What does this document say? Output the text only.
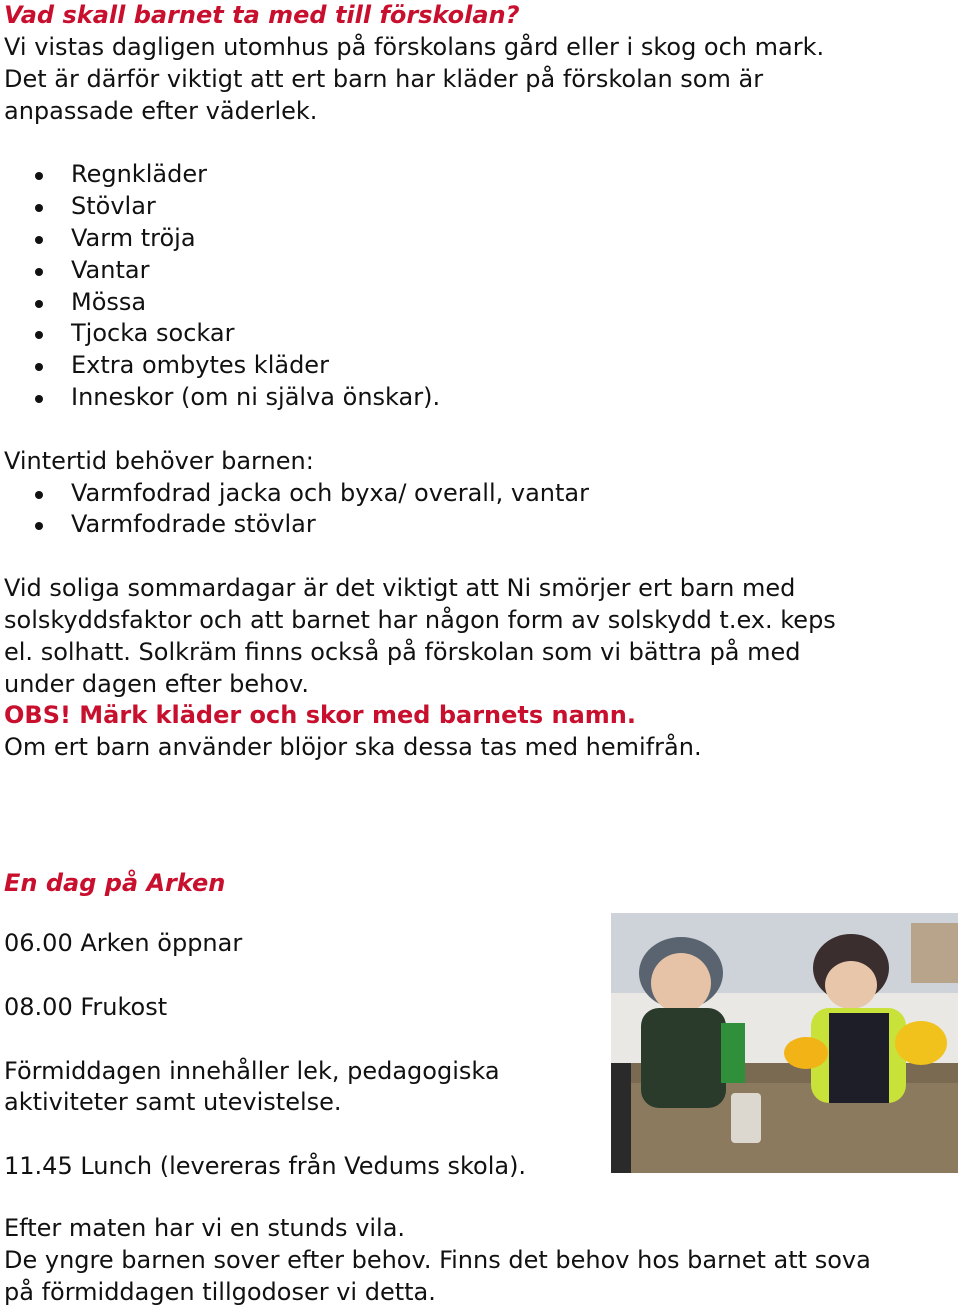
Vad skall barnet ta med till förskolan?

Vi vistas dagligen utomhus på förskolans gård eller i skog och mark. Det är därför viktigt att ert barn har kläder på förskolan som är anpassade efter väderlek.

Regnkläder
Stövlar
Varm tröja
Vantar
Mössa
Tjocka sockar
Extra ombytes kläder
Inneskor (om ni själva önskar).

Vintertid behöver barnen:

Varmfodrad jacka och byxa/ overall, vantar
Varmfodrade stövlar

Vid soliga sommardagar är det viktigt att Ni smörjer ert barn med solskyddsfaktor och att barnet har någon form av solskydd t.ex. keps el. solhatt. Solkräm finns också på förskolan som vi bättra på med under dagen efter behov.

OBS! Märk kläder och skor med barnets namn.

Om ert barn använder blöjor ska dessa tas med hemifrån.

En dag på Arken

06.00 Arken öppnar

08.00 Frukost

Förmiddagen innehåller lek, pedagogiska aktiviteter samt utevistelse.

11.45 Lunch (levereras från Vedums skola).

Efter maten har vi en stunds vila.

De yngre barnen sover efter behov. Finns det behov hos barnet att sova på förmiddagen tillgodoser vi detta.
